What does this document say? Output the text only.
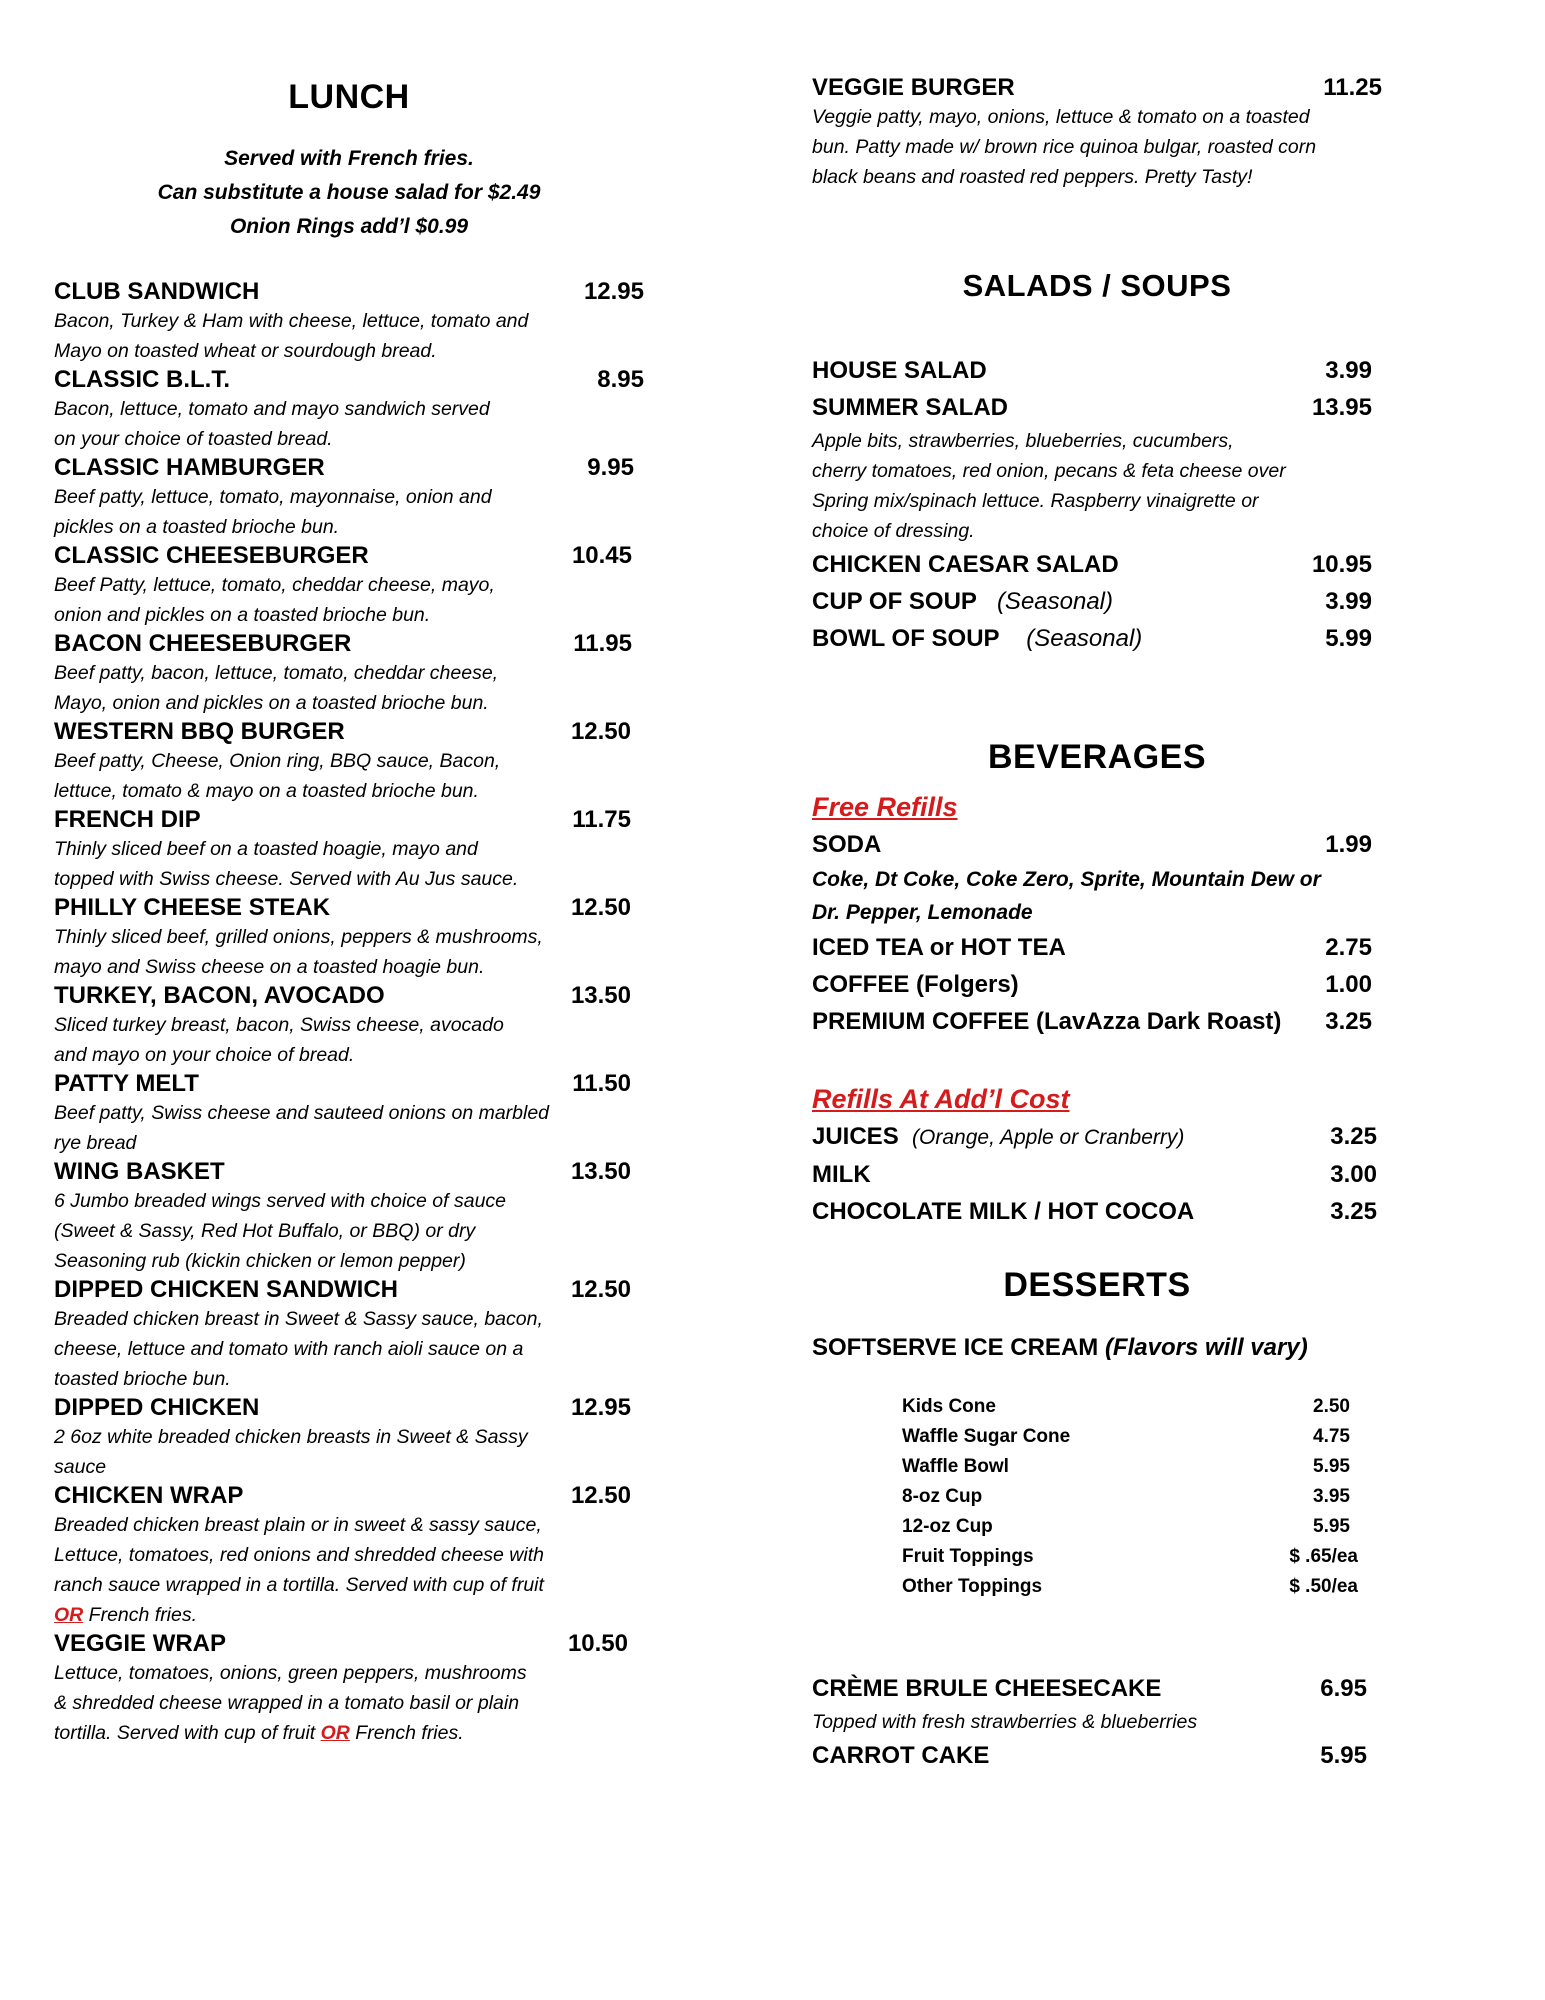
LUNCH
Served with French fries.
Can substitute a house salad for $2.49
Onion Rings add’l $0.99
CLUB SANDWICH	12.95
Bacon, Turkey & Ham with cheese, lettuce, tomato and
Mayo on toasted wheat or sourdough bread.
CLASSIC B.L.T.	8.95
Bacon, lettuce, tomato and mayo sandwich served
on your choice of toasted bread.
CLASSIC HAMBURGER	9.95
Beef patty, lettuce, tomato, mayonnaise, onion and
pickles on a toasted brioche bun.
CLASSIC CHEESEBURGER	10.45
Beef Patty, lettuce, tomato, cheddar cheese, mayo,
onion and pickles on a toasted brioche bun.
BACON CHEESEBURGER	11.95
Beef patty, bacon, lettuce, tomato, cheddar cheese,
Mayo, onion and pickles on a toasted brioche bun.
WESTERN BBQ BURGER	12.50
Beef patty, Cheese, Onion ring, BBQ sauce, Bacon,
lettuce, tomato & mayo on a toasted brioche bun.
FRENCH DIP	11.75
Thinly sliced beef on a toasted hoagie, mayo and
topped with Swiss cheese. Served with Au Jus sauce.
PHILLY CHEESE STEAK	12.50
Thinly sliced beef, grilled onions, peppers & mushrooms,
mayo and Swiss cheese on a toasted hoagie bun.
TURKEY, BACON, AVOCADO	13.50
Sliced turkey breast, bacon, Swiss cheese, avocado
and mayo on your choice of bread.
PATTY MELT	11.50
Beef patty, Swiss cheese and sauteed onions on marbled
rye bread
WING BASKET	13.50
6 Jumbo breaded wings served with choice of sauce
(Sweet & Sassy, Red Hot Buffalo, or BBQ) or dry
Seasoning rub (kickin chicken or lemon pepper)
DIPPED CHICKEN SANDWICH	12.50
Breaded chicken breast in Sweet & Sassy sauce, bacon,
cheese, lettuce and tomato with ranch aioli sauce on a
toasted brioche bun.
DIPPED CHICKEN	12.95
2 6oz white breaded chicken breasts in Sweet & Sassy
sauce
CHICKEN WRAP	12.50
Breaded chicken breast plain or in sweet & sassy sauce,
Lettuce, tomatoes, red onions and shredded cheese with
ranch sauce wrapped in a tortilla. Served with cup of fruit
OR French fries.
VEGGIE WRAP	10.50
Lettuce, tomatoes, onions, green peppers, mushrooms
& shredded cheese wrapped in a tomato basil or plain
tortilla. Served with cup of fruit OR French fries.
VEGGIE BURGER	11.25
Veggie patty, mayo, onions, lettuce & tomato on a toasted
bun. Patty made w/ brown rice quinoa bulgar, roasted corn
black beans and roasted red peppers. Pretty Tasty!
SALADS / SOUPS
HOUSE SALAD	3.99
SUMMER SALAD	13.95
Apple bits, strawberries, blueberries, cucumbers,
cherry tomatoes, red onion, pecans & feta cheese over
Spring mix/spinach lettuce. Raspberry vinaigrette or
choice of dressing.
CHICKEN CAESAR SALAD	10.95
CUP OF SOUP (Seasonal)	3.99
BOWL OF SOUP (Seasonal)	5.99
BEVERAGES
Free Refills
SODA	1.99
Coke, Dt Coke, Coke Zero, Sprite, Mountain Dew or
Dr. Pepper, Lemonade
ICED TEA or HOT TEA	2.75
COFFEE (Folgers)	1.00
PREMIUM COFFEE (LavAzza Dark Roast) 3.25
Refills At Add’l Cost
JUICES (Orange, Apple or Cranberry)	3.25
MILK	3.00
CHOCOLATE MILK / HOT COCOA	3.25
DESSERTS
SOFTSERVE ICE CREAM (Flavors will vary)
Kids Cone	2.50
Waffle Sugar Cone	4.75
Waffle Bowl	5.95
8-oz Cup	3.95
12-oz Cup	5.95
Fruit Toppings	$ .65/ea
Other Toppings	$ .50/ea
CRÈME BRULE CHEESECAKE	6.95
Topped with fresh strawberries & blueberries
CARROT CAKE	5.95
